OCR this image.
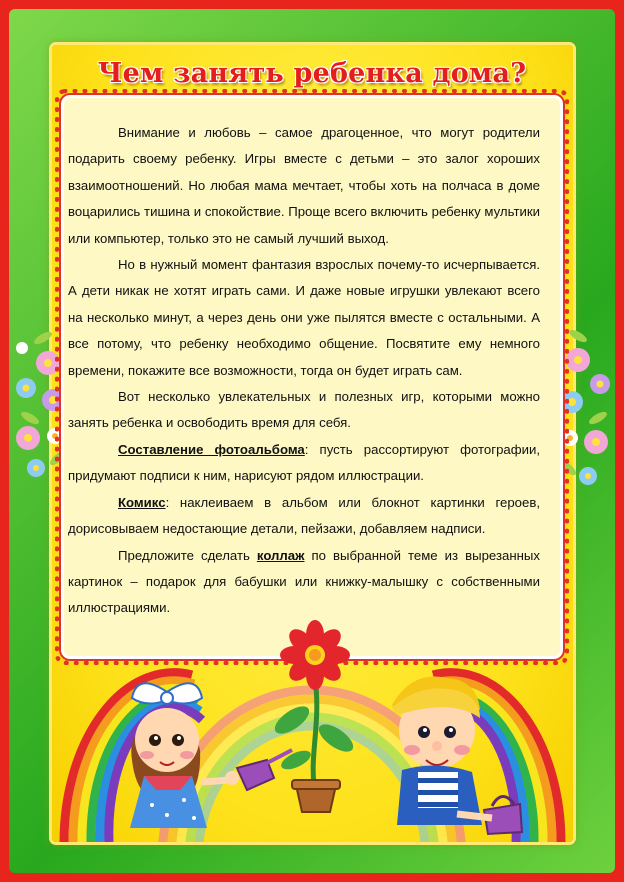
Чем занять ребенка дома?

Внимание и любовь – самое драгоценное, что могут родители подарить своему ребенку. Игры вместе с детьми – это залог хороших взаимоотношений. Но любая мама мечтает, чтобы хоть на полчаса в доме воцарились тишина и спокойствие. Проще всего включить ребенку мультики или компьютер, только это не самый лучший выход.

Но в нужный момент фантазия взрослых почему-то исчерпывается. А дети никак не хотят играть сами. И даже новые игрушки увлекают всего на несколько минут, а через день они уже пылятся вместе с остальными. А все потому, что ребенку необходимо общение. Посвятите ему немного времени, покажите все возможности, тогда он будет играть сам.

Вот несколько увлекательных и полезных игр, которыми можно занять ребенка и освободить время для себя.

Составление фотоальбома: пусть рассортируют фотографии, придумают подписи к ним, нарисуют рядом иллюстрации.

Комикс: наклеиваем в альбом или блокнот картинки героев, дорисовываем недостающие детали, пейзажи, добавляем надписи.

Предложите сделать коллаж по выбранной теме из вырезанных картинок – подарок для бабушки или книжку-малышку с собственными иллюстрациями.
